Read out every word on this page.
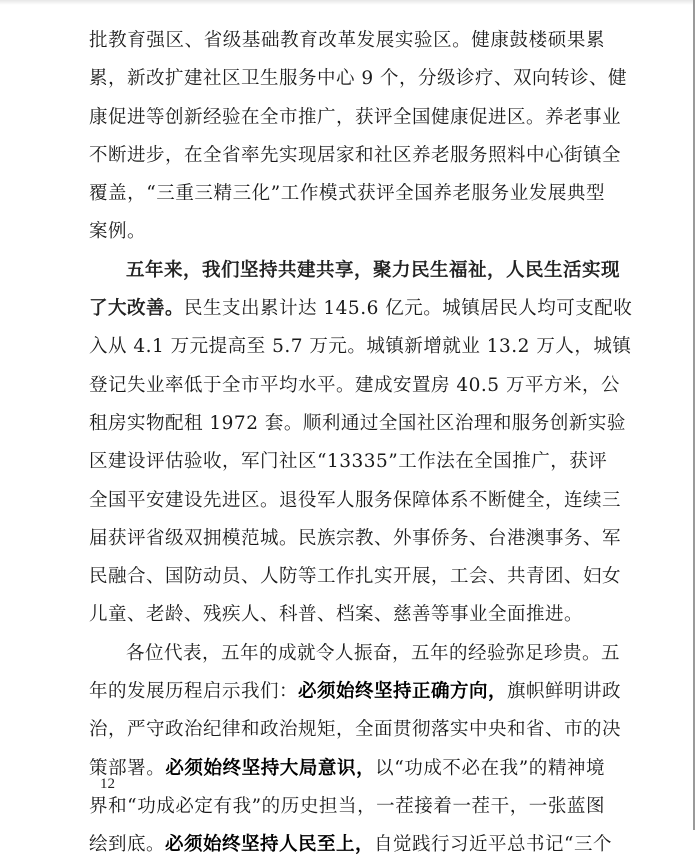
批教育强区、省级基础教育改革发展实验区。健康鼓楼硕果累
累，新改扩建社区卫生服务中心 9 个，分级诊疗、双向转诊、健
康促进等创新经验在全市推广，获评全国健康促进区。养老事业
不断进步，在全省率先实现居家和社区养老服务照料中心街镇全
覆盖，“三重三精三化”工作模式获评全国养老服务业发展典型
案例。
五年来，我们坚持共建共享，聚力民生福祉，人民生活实现
了大改善。民生支出累计达 145.6 亿元。城镇居民人均可支配收
入从 4.1 万元提高至 5.7 万元。城镇新增就业 13.2 万人，城镇
登记失业率低于全市平均水平。建成安置房 40.5 万平方米，公
租房实物配租 1972 套。顺利通过全国社区治理和服务创新实验
区建设评估验收，军门社区“13335”工作法在全国推广，获评
全国平安建设先进区。退役军人服务保障体系不断健全，连续三
届获评省级双拥模范城。民族宗教、外事侨务、台港澳事务、军
民融合、国防动员、人防等工作扎实开展，工会、共青团、妇女
儿童、老龄、残疾人、科普、档案、慈善等事业全面推进。
各位代表，五年的成就令人振奋，五年的经验弥足珍贵。五
年的发展历程启示我们：必须始终坚持正确方向，旗帜鲜明讲政
治，严守政治纪律和政治规矩，全面贯彻落实中央和省、市的决
策部署。必须始终坚持大局意识，以“功成不必在我”的精神境
界和“功成必定有我”的历史担当，一茬接着一茬干，一张蓝图
绘到底。必须始终坚持人民至上，自觉践行习近平总书记“三个
12
